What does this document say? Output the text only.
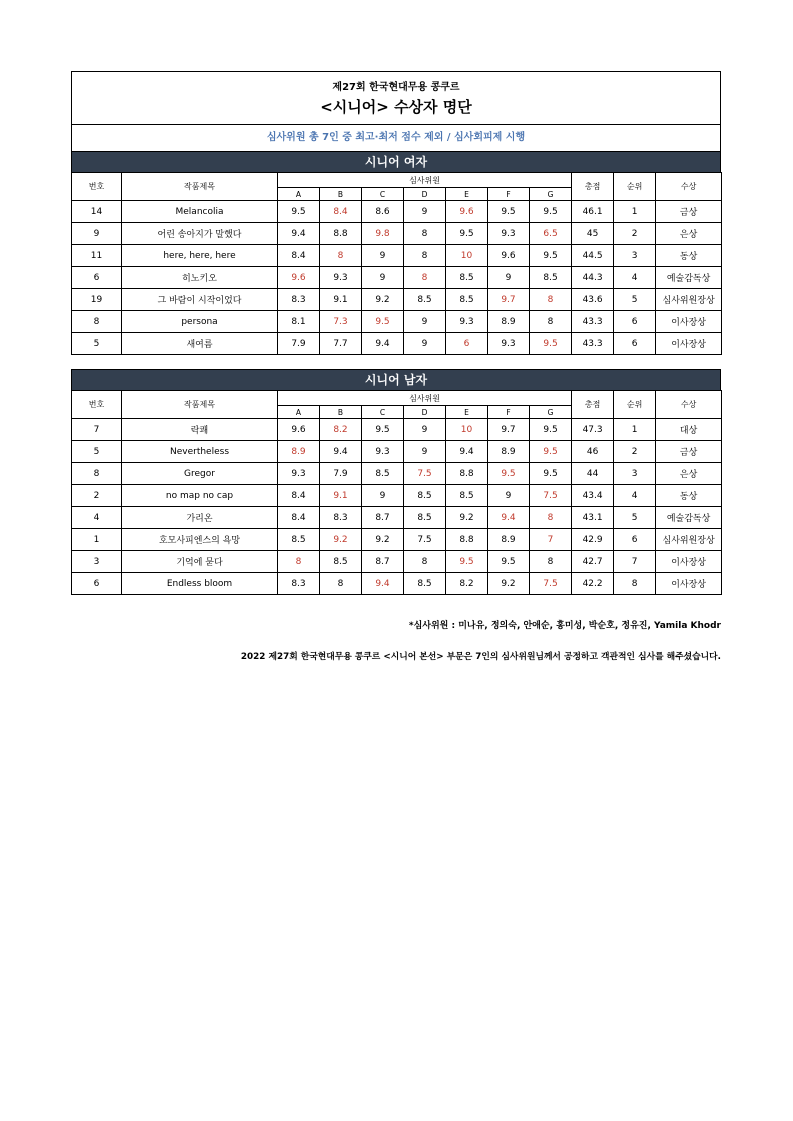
제27회 한국현대무용 콩쿠르
<시니어> 수상자 명단
심사위원 총 7인 중 최고·최저 점수 제외 / 심사회피제 시행
시니어 여자
번호	작품제목	심사위원							총점	순위	수상
		A	B	C	D	E	F	G			
14	Melancolia	9.5	8.4	8.6	9	9.6	9.5	9.5	46.1	1	금상
9	어린 송아지가 말했다	9.4	8.8	9.8	8	9.5	9.3	6.5	45	2	은상
11	here, here, here	8.4	8	9	8	10	9.6	9.5	44.5	3	동상
6	히노키오	9.6	9.3	9	8	8.5	9	8.5	44.3	4	예술감독상
19	그 바람이 시작이었다	8.3	9.1	9.2	8.5	8.5	9.7	8	43.6	5	심사위원장상
8	persona	8.1	7.3	9.5	9	9.3	8.9	8	43.3	6	이사장상
5	새여름	7.9	7.7	9.4	9	6	9.3	9.5	43.3	6	이사장상
시니어 남자
번호	작품제목	심사위원							총점	순위	수상
		A	B	C	D	E	F	G			
7	락쾌	9.6	8.2	9.5	9	10	9.7	9.5	47.3	1	대상
5	Nevertheless	8.9	9.4	9.3	9	9.4	8.9	9.5	46	2	금상
8	Gregor	9.3	7.9	8.5	7.5	8.8	9.5	9.5	44	3	은상
2	no map no cap	8.4	9.1	9	8.5	8.5	9	7.5	43.4	4	동상
4	가리온	8.4	8.3	8.7	8.5	9.2	9.4	8	43.1	5	예술감독상
1	호모사피엔스의 욕망	8.5	9.2	9.2	7.5	8.8	8.9	7	42.9	6	심사위원장상
3	기억에 묻다	8	8.5	8.7	8	9.5	9.5	8	42.7	7	이사장상
6	Endless bloom	8.3	8	9.4	8.5	8.2	9.2	7.5	42.2	8	이사장상
*심사위원 : 미나유, 정의숙, 안애순, 홍미성, 박순호, 정유진, Yamila Khodr
2022 제27회 한국현대무용 콩쿠르 <시니어 본선> 부문은 7인의 심사위원님께서 공정하고 객관적인 심사를 해주셨습니다.
